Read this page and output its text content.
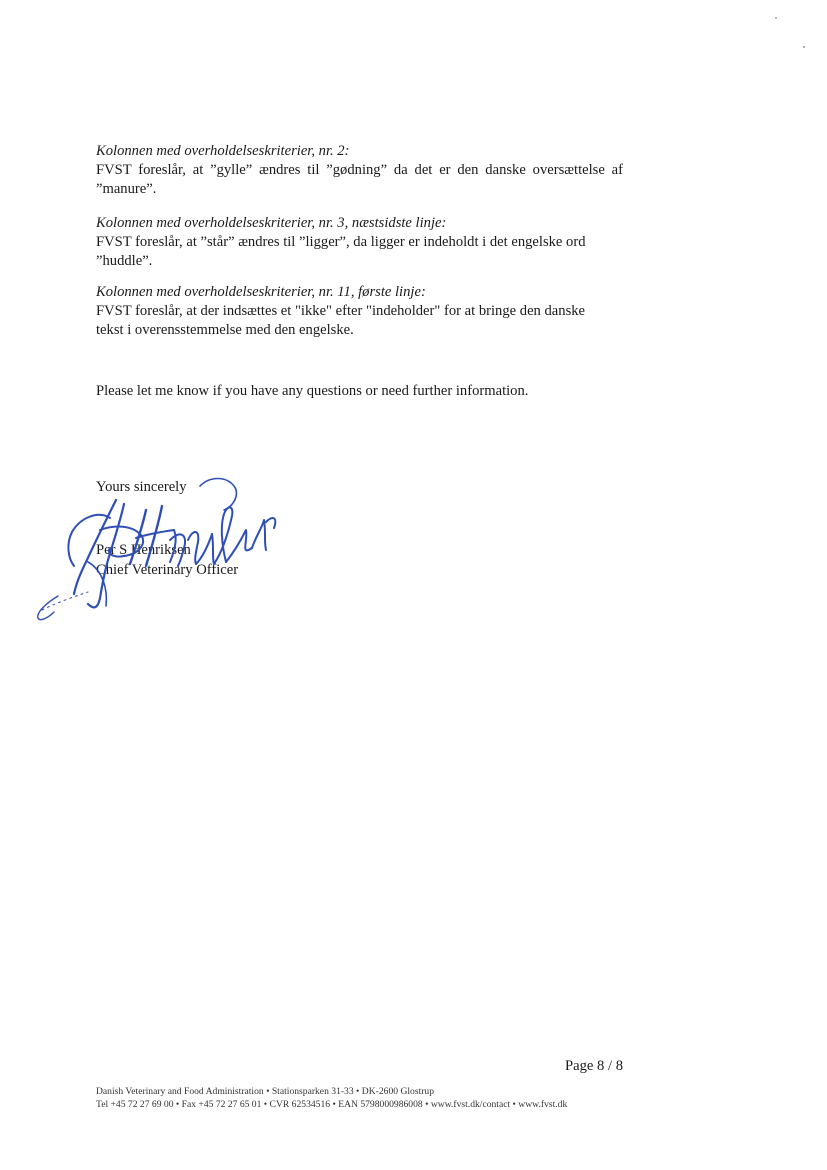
Kolonnen med overholdelseskriterier, nr. 2:
FVST foreslår, at ”gylle” ændres til ”gødning” da det er den danske oversættelse af
”manure”.
Kolonnen med overholdelseskriterier, nr. 3, næstsidste linje:
FVST foreslår, at ”står” ændres til ”ligger”, da ligger er indeholdt i det engelske ord
”huddle”.
Kolonnen med overholdelseskriterier, nr. 11, første linje:
FVST foreslår, at der indsættes et "ikke" efter "indeholder" for at bringe den danske
tekst i overensstemmelse med den engelske.
Please let me know if you have any questions or need further information.
Yours sincerely
Per S Henriksen
Chief Veterinary Officer
Page 8 / 8
Danish Veterinary and Food Administration • Stationsparken 31-33 • DK-2600 Glostrup
Tel +45 72 27 69 00 • Fax +45 72 27 65 01 • CVR 62534516 • EAN 5798000986008 • www.fvst.dk/contact • www.fvst.dk
